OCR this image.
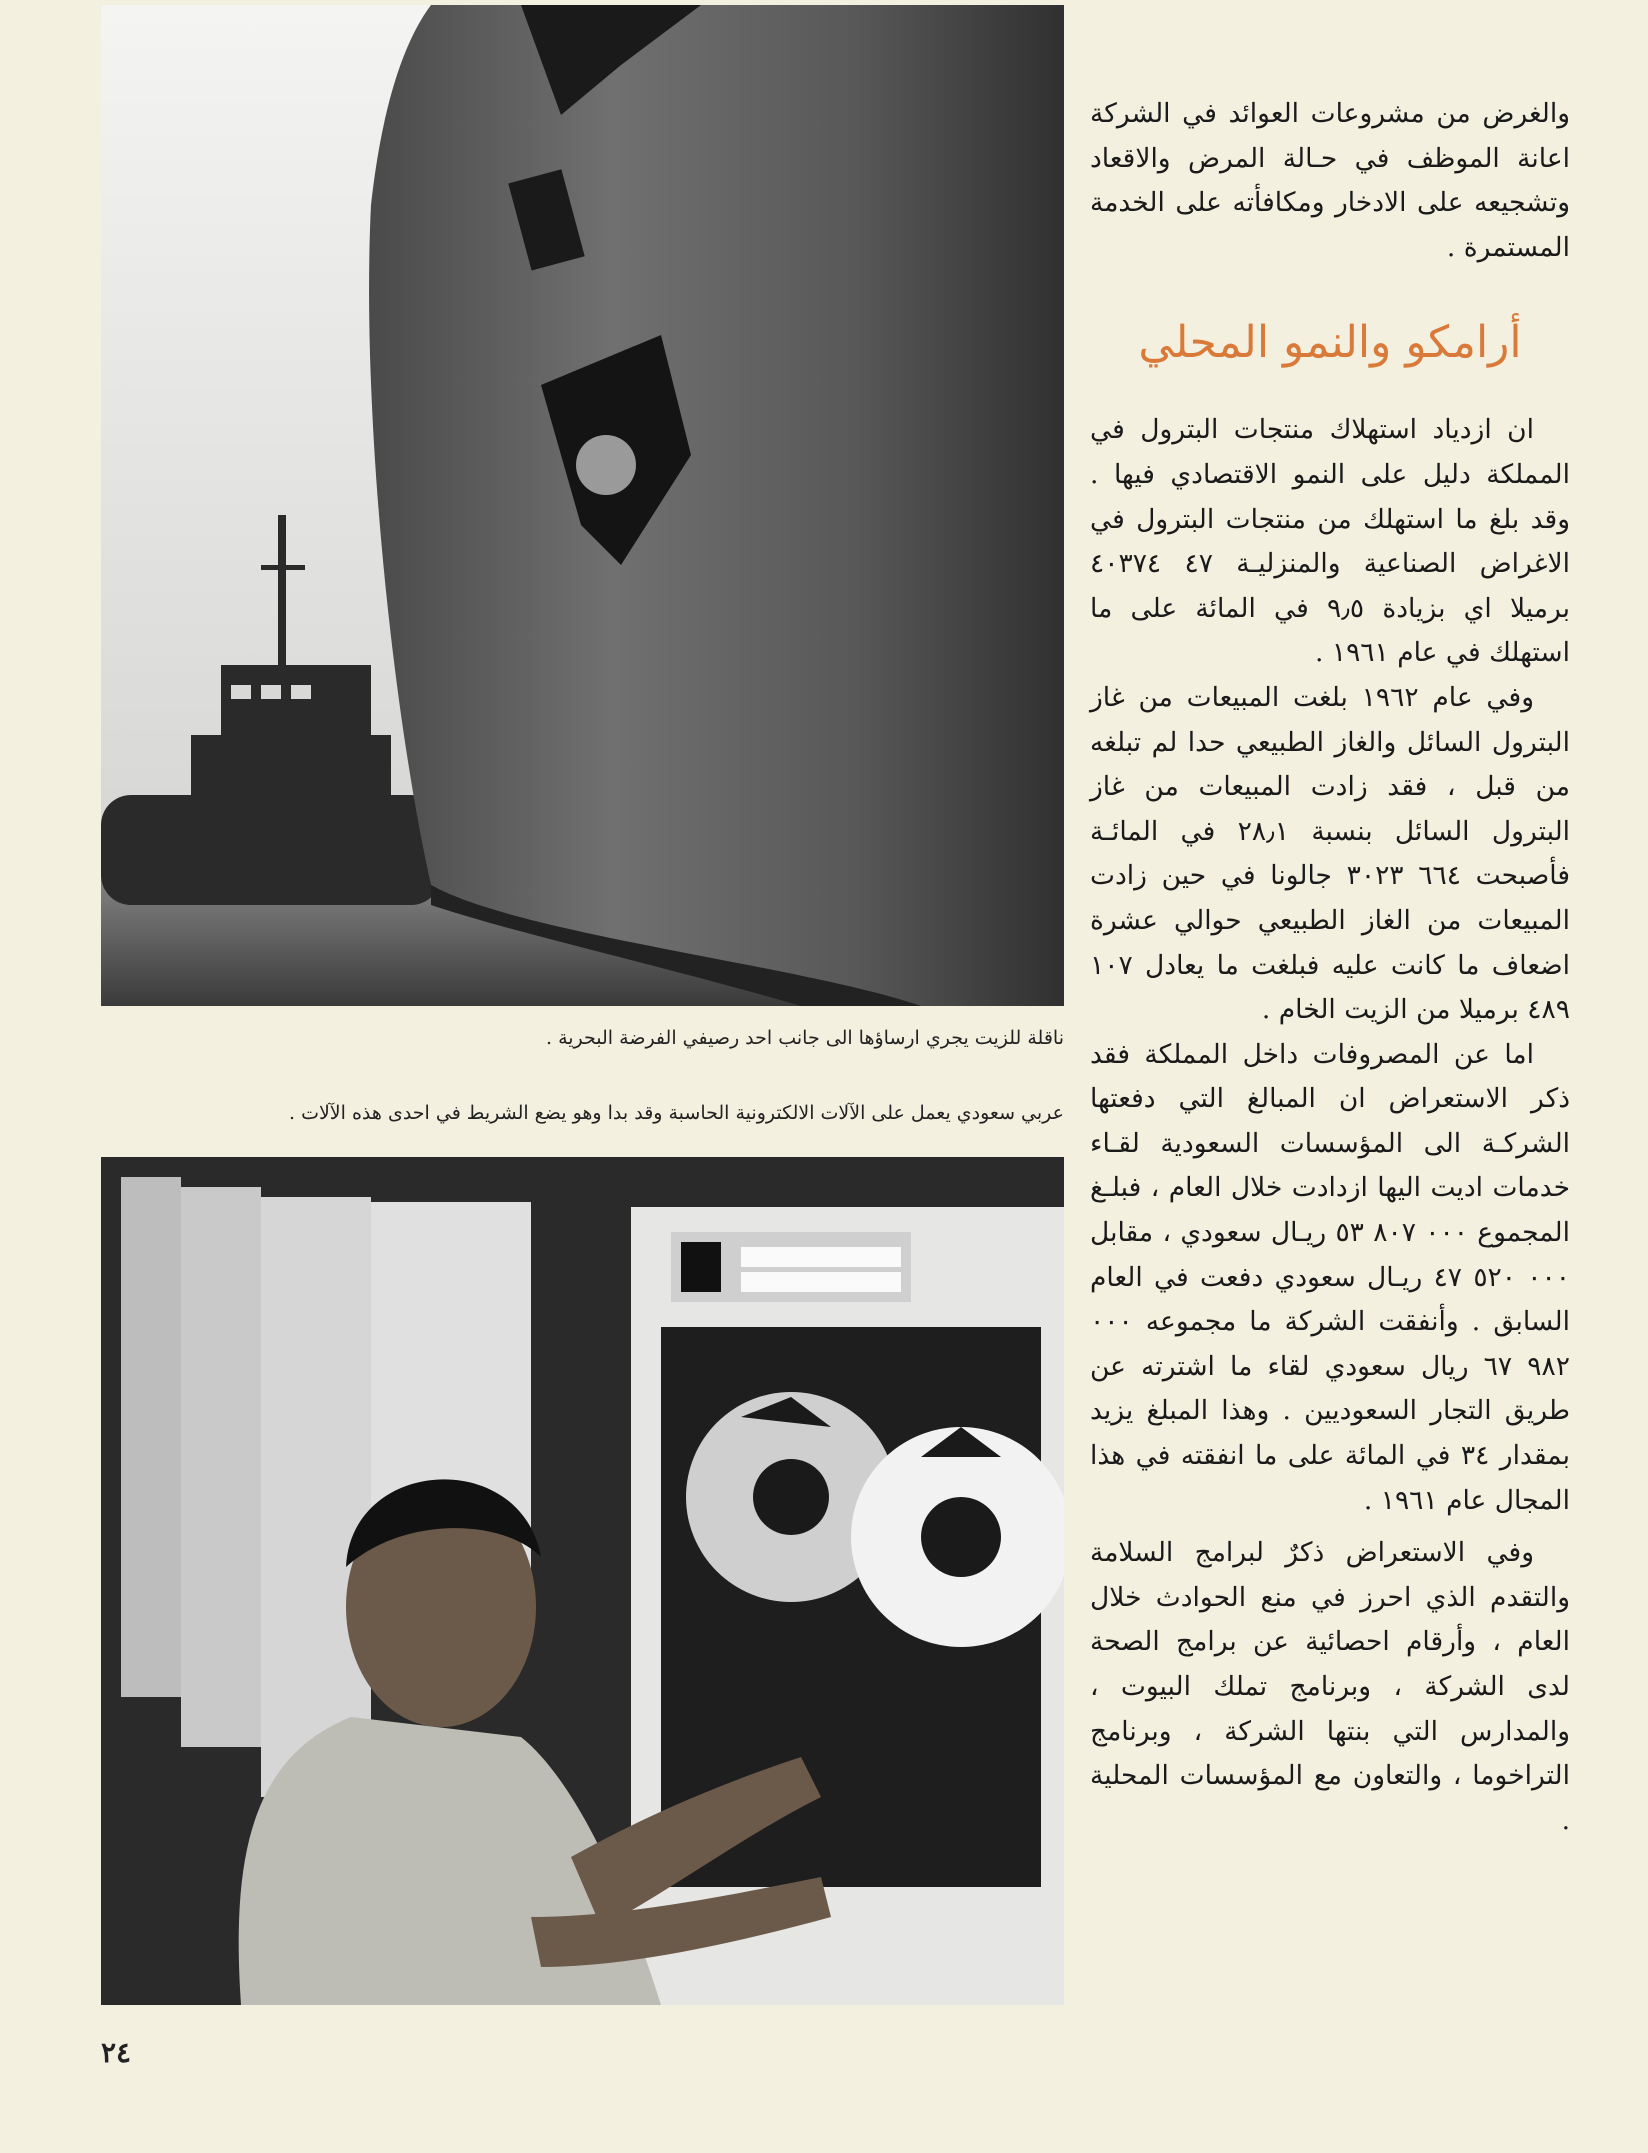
ناقلة للزيت يجري ارساؤها الى جانب احد رصيفي الفرضة البحرية .
عربي سعودي يعمل على الآلات الالكترونية الحاسبة وقد بدا وهو يضع الشريط في احدى هذه الآلات .

والغرض من مشروعات العوائد في الشركة اعانة الموظف في حـالة المرض والاقعاد وتشجيعه على الادخار ومكافأته على الخدمة المستمرة .

أرامكو والنمو المحلي

ان ازدياد استهلاك منتجات البترول في المملكة دليل على النمو الاقتصادي فيها . وقد بلغ ما استهلك من منتجات البترول في الاغراض الصناعية والمنزليـة ٤٧ ٤٠٣٧٤ برميلا اي بزيادة ٩٫٥ في المائة على ما استهلك في عام ١٩٦١ .

وفي عام ١٩٦٢ بلغت المبيعات من غاز البترول السائل والغاز الطبيعي حدا لم تبلغه من قبل ، فقد زادت المبيعات من غاز البترول السائل بنسبة ٢٨٫١ في المائـة فأصبحت ٦٦٤ ٣٠٢٣ جالونا في حين زادت المبيعات من الغاز الطبيعي حوالي عشرة اضعاف ما كانت عليه فبلغت ما يعادل ١٠٧ ٤٨٩ برميلا من الزيت الخام .

اما عن المصروفات داخل المملكة فقد ذكر الاستعراض ان المبالغ التي دفعتها الشركـة الى المؤسسات السعودية لقـاء خدمات اديت اليها ازدادت خلال العام ، فبلـغ المجموع ٠٠٠ ٨٠٧ ٥٣ ريـال سعودي ، مقابل ٠٠٠ ٥٢٠ ٤٧ ريـال سعودي دفعت في العام السابق . وأنفقت الشركة ما مجموعه ٠٠٠ ٩٨٢ ٦٧ ريال سعودي لقاء ما اشترته عن طريق التجار السعوديين . وهذا المبلغ يزيد بمقدار ٣٤ في المائة على ما انفقته في هذا المجال عام ١٩٦١ .

وفي الاستعراض ذكرٌ لبرامج السلامة والتقدم الذي احرز في منع الحوادث خلال العام ، وأرقام احصائية عن برامج الصحة لدى الشركة ، وبرنامج تملك البيوت ، والمدارس التي بنتها الشركة ، وبرنامج التراخوما ، والتعاون مع المؤسسات المحلية .

٢٤
